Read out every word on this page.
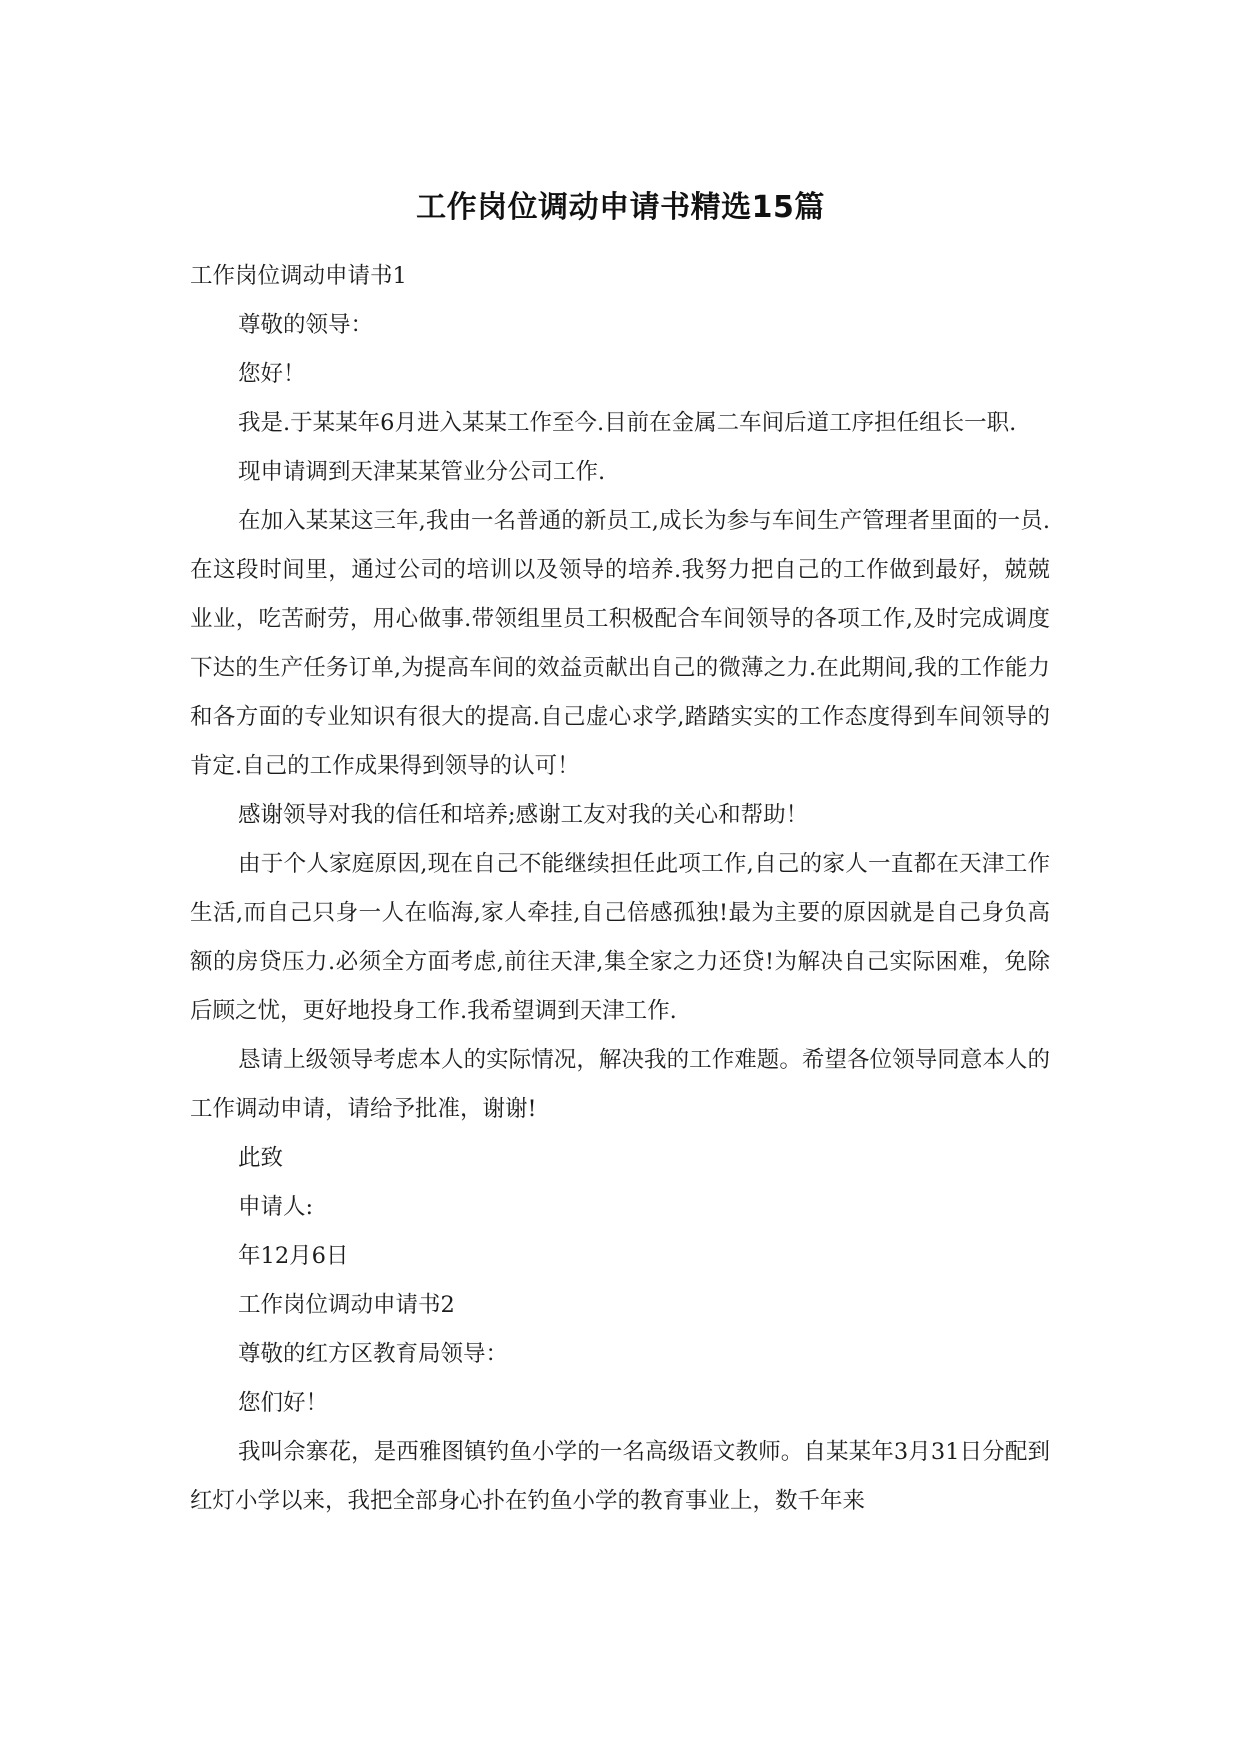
工作岗位调动申请书精选15篇

工作岗位调动申请书1

尊敬的领导：

您好！

我是.于某某年6月进入某某工作至今.目前在金属二车间后道工序担任组长一职.

现申请调到天津某某管业分公司工作.

在加入某某这三年,我由一名普通的新员工,成长为参与车间生产管理者里面的一员.在这段时间里，通过公司的培训以及领导的培养.我努力把自己的工作做到最好，兢兢业业，吃苦耐劳，用心做事.带领组里员工积极配合车间领导的各项工作,及时完成调度下达的生产任务订单,为提高车间的效益贡献出自己的微薄之力.在此期间,我的工作能力和各方面的专业知识有很大的提高.自己虚心求学,踏踏实实的工作态度得到车间领导的肯定.自己的工作成果得到领导的认可！

感谢领导对我的信任和培养;感谢工友对我的关心和帮助！

由于个人家庭原因,现在自己不能继续担任此项工作,自己的家人一直都在天津工作生活,而自己只身一人在临海,家人牵挂,自己倍感孤独!最为主要的原因就是自己身负高额的房贷压力.必须全方面考虑,前往天津,集全家之力还贷!为解决自己实际困难，免除后顾之忧，更好地投身工作.我希望调到天津工作.

恳请上级领导考虑本人的实际情况，解决我的工作难题。希望各位领导同意本人的工作调动申请，请给予批准，谢谢!

此致

申请人:

年12月6日

工作岗位调动申请书2

尊敬的红方区教育局领导：

您们好！

我叫佘寨花，是西雅图镇钓鱼小学的一名高级语文教师。自某某年3月31日分配到红灯小学以来，我把全部身心扑在钓鱼小学的教育事业上，数千年来
